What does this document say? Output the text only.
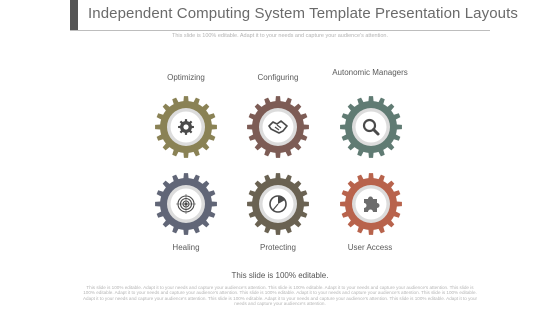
Independent Computing System Template Presentation Layouts
This slide is 100% editable. Adapt it to your needs and capture your audience's attention.
Optimizing	Configuring
Autonomic Managers
Healing	Protecting	User Access
This slide is 100% editable.
This slide is 100% editable. Adapt it to your needs and capture your audience's attention. This slide is 100% editable. Adapt it to your needs and capture your audience's attention. This slide is 100% editable. Adapt it to your needs and capture your audience's attention. This slide is 100% editable. Adapt it to your needs and capture your audience's attention. This slide is 100% editable. Adapt it to your needs and capture your audience's attention. This slide is 100% editable. Adapt it to your needs and capture your audience's attention. This slide is 100% editable. Adapt it to your needs and capture your audience's attention.
